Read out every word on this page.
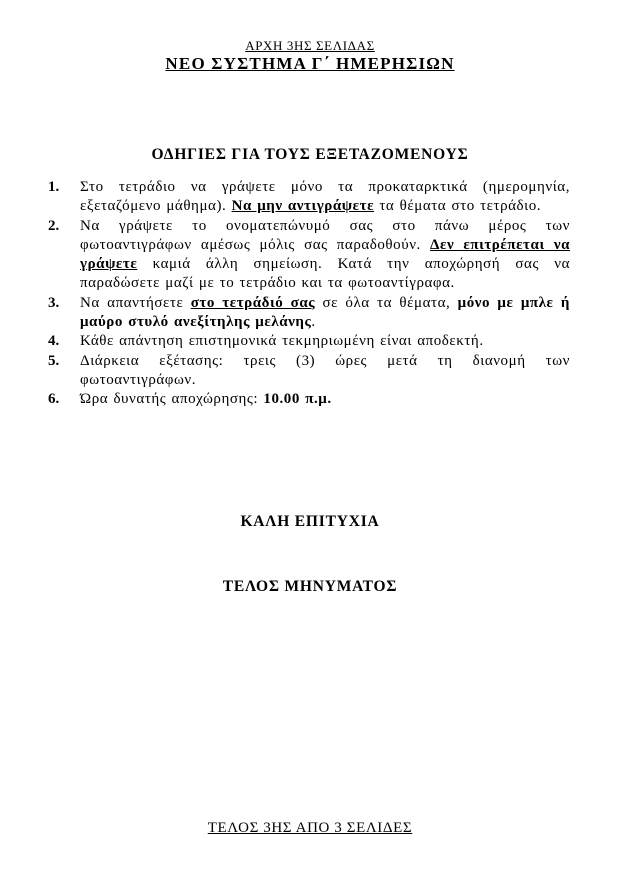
ΑΡΧΗ 3ΗΣ ΣΕΛΙΔΑΣ
ΝΕΟ ΣΥΣΤΗΜΑ Γ΄ ΗΜΕΡΗΣΙΩΝ
ΟΔΗΓΙΕΣ ΓΙΑ ΤΟΥΣ ΕΞΕΤΑΖΟΜΕΝΟΥΣ
1. Στο τετράδιο να γράψετε μόνο τα προκαταρκτικά (ημερομηνία, εξεταζόμενο μάθημα). Να μην αντιγράψετε τα θέματα στο τετράδιο.
2. Να γράψετε το ονοματεπώνυμό σας στο πάνω μέρος των φωτοαντιγράφων αμέσως μόλις σας παραδοθούν. Δεν επιτρέπεται να γράψετε καμιά άλλη σημείωση. Κατά την αποχώρησή σας να παραδώσετε μαζί με το τετράδιο και τα φωτοαντίγραφα.
3. Να απαντήσετε στο τετράδιό σας σε όλα τα θέματα, μόνο με μπλε ή μαύρο στυλό ανεξίτηλης μελάνης.
4. Κάθε απάντηση επιστημονικά τεκμηριωμένη είναι αποδεκτή.
5. Διάρκεια εξέτασης: τρεις (3) ώρες μετά τη διανομή των φωτοαντιγράφων.
6. Ώρα δυνατής αποχώρησης: 10.00 π.μ.
ΚΑΛΗ ΕΠΙΤΥΧΙΑ
ΤΕΛΟΣ ΜΗΝΥΜΑΤΟΣ
ΤΕΛΟΣ 3ΗΣ ΑΠΟ 3 ΣΕΛΙΔΕΣ
